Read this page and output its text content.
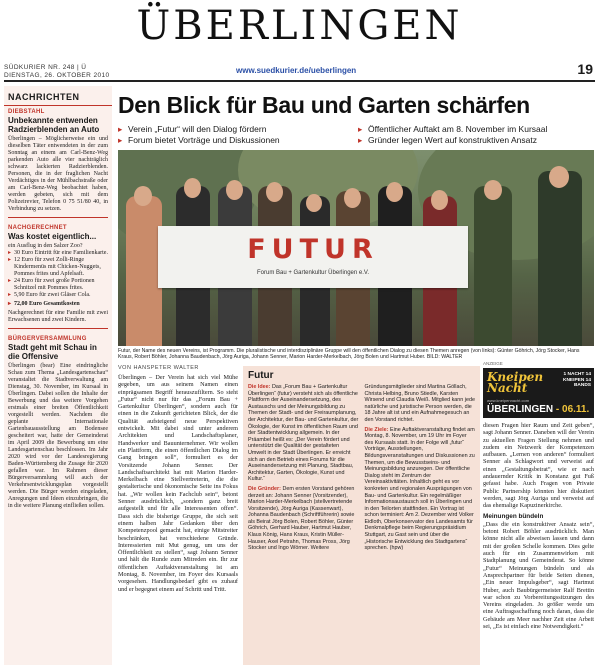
ÜBERLINGEN
SÜDKURIER NR. 248 | Ü
DIENSTAG, 26. OKTOBER 2010	www.suedkurier.de/ueberlingen	19
NACHRICHTEN
DIEBSTAHL
Unbekannte entwenden Radzierblenden an Auto
Überlingen – Möglicherweise ein und dieselben Täter entwendeten in der zum Sonntag an einem am Carl-Benz-Weg parkenden Auto alle vier nachträglich schwarz lackierten Radzierblenden. Personen, die in der fraglichen Nacht Verdächtiges in der Mühlbachstraße oder am Carl-Benz-Weg beobachtet haben, werden gebeten, sich mit dem Polizeirevier, Telefon 0 75 51/80 40, in Verbindung zu setzen.
NACHGERECHNET
Was kostet eigentlich...
ein Ausflug in den Salzer Zoo?
▸ 30 Euro Eintritt für eine Familienkarte.
▸ 12 Euro für zwei Zolli-Ringe Kindermenüs mit Chicken-Nuggets, Pommes frites und Apfelsaft.
▸ 24 Euro für zwei große Portionen Schnitzel mit Pommes frites.
▸ 5,90 Euro für zwei Gläser Cola.
▸ 72,00 Euro Gesamtkosten
Nachgerechnet für eine Familie mit zwei Erwachsenen und zwei Kindern.
BÜRGERVERSAMMLUNG
Stadt geht mit Schau in die Offensive
Überlingen (bear) Eine eindringliche Schau zum Thema „Landesgartenschau“ veranstaltet die Stadtverwaltung am Dienstag, 30. November, im Kursaal in Überlingen. Dabei sollen die Inhalte der Bewerbung und das weitere Vorgehen erstmals einer breiten Öffentlichkeit vorgestellt werden. Nachdem die geplante Internationale Gartenbauausstellung am Bodensee gescheitert war, hatte der Gemeinderat im April 2009 die Bewerbung um eine Landesgartenschau beschlossen. Im Jahr 2020 wird vor der Landesregierung Baden-Württemberg die Zusage für 2020 gefallen war. Im Rahmen dieser Bürgerversammlung will auch der Verkehrsentwicklungsplan vorgestellt werden. Die Bürger werden eingeladen, Anregungen und Ideen einzubringen, die in die weitere Planung einfließen sollen.
Den Blick für Bau und Garten schärfen
▸ Verein „Futur“ will den Dialog fördern
▸ Forum bietet Vorträge und Diskussionen
▸ Öffentlicher Auftakt am 8. November im Kursaal
▸ Gründer legen Wert auf konstruktiven Ansatz
FUTUR
Forum Bau + Gartenkultur Überlingen e.V.
Futur, der Name des neuen Vereins, ist Programm. Die pluralistische und interdisziplinäre Gruppe will den öffentlichen Dialog zu diesen Themen anregen (von links): Günter Göhrich, Jörg Stocker, Hans Kraus, Robert Böhler, Johanna Baudenbach, Jörg Auriga, Johann Senner, Marion Harder-Merkelbach, Jörg Bolen und Hartmut Huber. BILD: WALTER
VON HANSPETER WALTER

Überlingen – Der Verein hat sich viel Mühe gegeben, um aus seinem Namen einen einprägsamen Begriff herauszufiltern. So steht „Futur“ nicht nur für das „Forum Bau + Gartenkultur Überlingen“, sondern auch für einen in die Zukunft gerichteten Blick, der die Qualität aufsteigend neue Perspektiven entwickelt. Mit dabei sind unter anderem Architekten und Landschaftsplaner, Handwerker und Bauunternehmer. Wir wollen ein Plattform, die einen öffentlichen Dialog im Gang bringen soll“, formuliert es der Vorsitzende Johann Senner. Der Landschaftsarchitekt hat mit Marion Harder-Merkelbach eine Stellvertreterin, die die gestalterische und ökonomische Seite ins Fokus hat. „Wir wollen kein Fachclub sein“, betont Senner ausdrücklich, „sondern ganz breit aufgestellt und für alle Interessenten offen“. Dass sich die bisherige Gruppe, die sich seit einem halben Jahr Gedanken über den Kompetenzpool gemacht hat, einige Mitstreiter beschränken, hat verschiedene Gründe. Interessierten mit Mut genug, um uns der Öffentlichkeit zu stellen“, sagt Johann Senner und hält die Runde zum Mitreden ein. Ihr zur öffentlichen Auftaktveranstaltung ist am Montag, 8. November, im Foyer des Kursaals vorgesehen. Handlungsbedarf gibt es zuhauf und er begegnet einem auf Schritt und Tritt.

Futur

Die Idee: Das „Forum Bau + Gartenkultur Überlingen“ (futur) versteht sich als öffentliche Plattform der Auseinandersetzung, des Austauschs und der Meinungsbildung zu Themen der Stadt- und der Freiraumplanung, der Architektur, der Bau- und Gartenkultur, der Ökologie, der Kunst im öffentlichen Raum und der Stadtentwicklung allgemein. In der Präambel heißt es: „Der Verein fördert und unterstützt die Qualität der gestalteten Umwelt in der Stadt Überlingen. Er erreicht sich an den Betrieb eines Forums für die Auseinandersetzung mit Planung, Stadtbau, Architektur, Garten, Ökologie, Kunst und Kultur.“

Die Gründer: Dem ersten Vorstand gehören derzeit an: Johann Senner (Vorsitzender), Marion Harder-Merkelbach (stellvertretende Vorsitzende), Jörg Auriga (Kassenwart), Johanna Baudenbach (Schriftführerin) sowie als Beirat Jörg Bolen, Robert Böhler, Günter Göhrich, Gerhard Hauber, Hartmut Hauber, Klaus König, Hans Kraus, Kristin Müller-Hauser, Axel Petrahn, Thomas Pross, Jörg Stocker und Ingo Wörner. Weitere Gründungsmitglieder sind Martina Göllach, Christa Helbing, Bruno Stiedle, Karsten Wirsend und Claudia Weiß. Mitglied kann jede natürliche und juristische Person werden, die 18 Jahre alt ist und ein Aufnahmegesuch an den Vorstand richtet.

Die Ziele: Eine Auftaktveranstaltung findet am Montag, 8. November, um 19 Uhr im Foyer des Kursaals statt. In der Folge will „futur“ Vorträge, Ausstellungen, Bildungsveranstaltungen und Diskussionen zu Themen, um die Bewusstseins- und Meinungsbildung anzuregen. Der öffentliche Dialog steht im Zentrum der Vereinsaktivitäten. Inhaltlich geht es vor konkreten und regionalen Ausprägungen von Bau- und Gartenkultur. Ein regelmäßiger Informationsaustausch soll in Überlingen und in den Teilorten stattfinden. Ein Vortrag ist schon terminiert: Am 2. Dezember wird Volker Eidloth, Oberkonservator des Landesamts für Denkmalpflege beim Regierungspräsidium Stuttgart, zu Gast sein und über die „Historische Entwicklung des Stadtgartens“ sprechen. (hpw)

Kneipen
Nacht
1 NACHT 14 KNEIPEN 14 BANDS
www.kneipennacht.com
ÜBERLINGEN - 06.11.
ANZEIGE

diesen Fragen hier Raum und Zeit geben“, sagt Johann Senner. Daneben will der Verein zu aktuellen Fragen Stellung nehmen und zudem ein Netzwerk der Kompetenzen aufbauen. „Lernen von anderen“ formuliert Senner als Schlagwort und verweist auf einen „Gestaltungsbeirat“, wie er nach andauernder Kritik in Konstanz gut Fuß gefasst habe. Auch Fragen von Private Public Partnership könnten hier diskutiert werden, sagt Jörg Auriga und verweist auf das ehemalige Kapuzinerkirche.

Meinungen bündeln

„Dass die ein konstruktiver Ansatz sein“, betont Robert Böhler ausdrücklich. Man könne nicht alle abweisen lassen und dann mit der großen Schelle kommen. Dies gelte auch für ein Zusammenwirken mit Stadtplanung und Gemeinderat. So könne „Futur“ Meinungen bündeln und als Ansprechpartner für beide Seiten dienen, „Ein neuer Impulsgeber“, sagt Hartmut Huber, auch Baubürgermeister Ralf Brettin war schon zu Vorbereitungssitzungen des Vereins eingeladen. Jo größer werde um eine Auftragsschaffung noch daran, dass die Gebäude am Meer nachher Zeit eine Arbeit sei, „Es ist einfach eine Notwendigkeit.“
